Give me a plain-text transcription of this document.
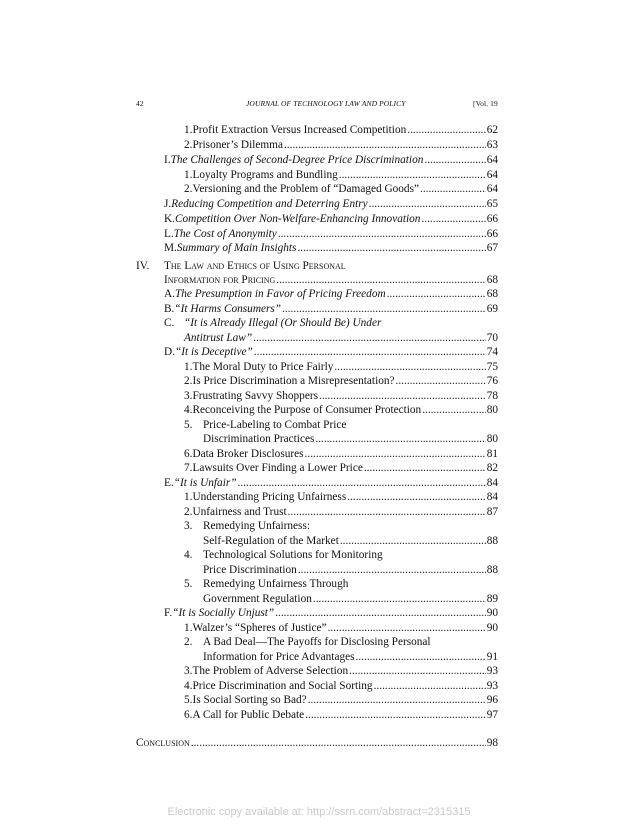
42	JOURNAL OF TECHNOLOGY LAW AND POLICY	[Vol. 19
1. Profit Extraction Versus Increased Competition .....	62
2. Prisoner’s Dilemma .....	63
I. The Challenges of Second-Degree Price Discrimination .....	64
1. Loyalty Programs and Bundling .....	64
2. Versioning and the Problem of “Damaged Goods” .....	64
J. Reducing Competition and Deterring Entry .....	65
K. Competition Over Non-Welfare-Enhancing Innovation .....	66
L. The Cost of Anonymity .....	66
M. Summary of Main Insights .....	67
IV. The Law and Ethics of Using Personal
Information for Pricing .....	68
A. The Presumption in Favor of Pricing Freedom .....	68
B. “It Harms Consumers” .....	69
C. “It is Already Illegal (Or Should Be) Under
Antitrust Law” .....	70
D. “It is Deceptive” .....	74
1. The Moral Duty to Price Fairly .....	75
2. Is Price Discrimination a Misrepresentation? .....	76
3. Frustrating Savvy Shoppers .....	78
4. Reconceiving the Purpose of Consumer Protection .....	80
5. Price-Labeling to Combat Price
Discrimination Practices .....	80
6. Data Broker Disclosures .....	81
7. Lawsuits Over Finding a Lower Price .....	82
E. “It is Unfair” .....	84
1. Understanding Pricing Unfairness .....	84
2. Unfairness and Trust .....	87
3. Remedying Unfairness:
Self-Regulation of the Market .....	88
4. Technological Solutions for Monitoring
Price Discrimination .....	88
5. Remedying Unfairness Through
Government Regulation .....	89
F. “It is Socially Unjust” .....	90
1. Walzer’s “Spheres of Justice” .....	90
2. A Bad Deal—The Payoffs for Disclosing Personal
Information for Price Advantages .....	91
3. The Problem of Adverse Selection .....	93
4. Price Discrimination and Social Sorting .....	93
5. Is Social Sorting so Bad? .....	96
6. A Call for Public Debate .....	97
Conclusion .....	98
Electronic copy available at: http://ssrn.com/abstract=2315315
